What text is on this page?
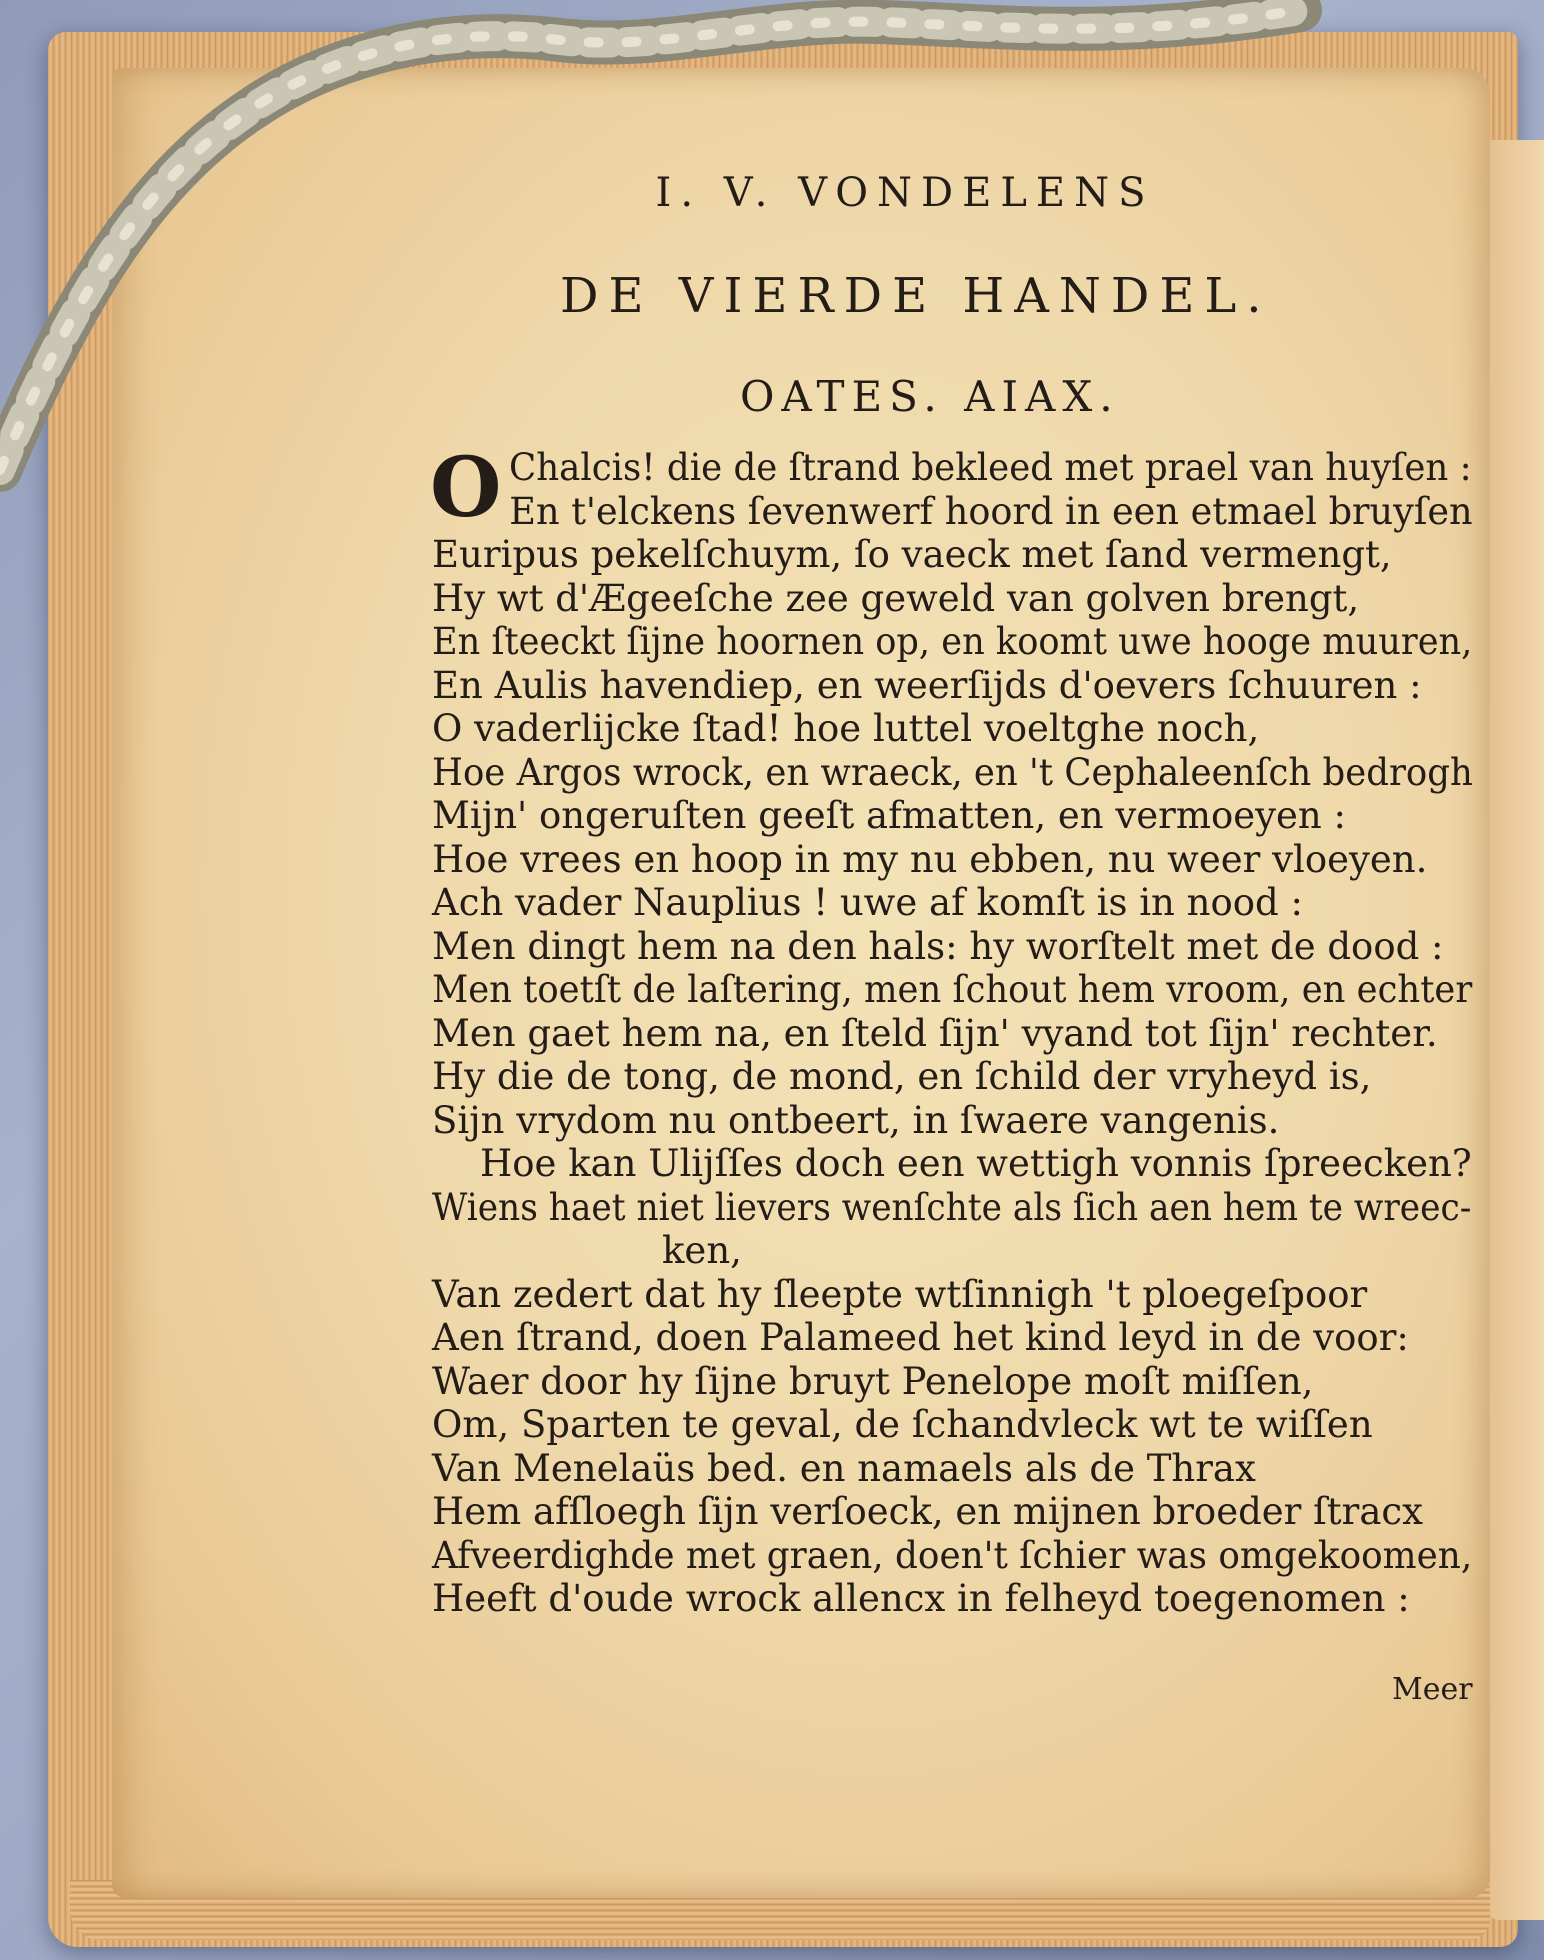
I. V. VONDELENS
DE VIERDE HANDEL.
OATES. AIAX.
O Chalcis! die de ſtrand bekleed met prael van huyſen :
En t'elckens ſevenwerf hoord in een etmael bruyſen
Euripus pekelſchuym, ſo vaeck met ſand vermengt,
Hy wt d'Ægeeſche zee geweld van golven brengt,
En ſteeckt ſijne hoornen op, en koomt uwe hooge muuren,
En Aulis havendiep, en weerſijds d'oevers ſchuuren :
O vaderlijcke ſtad! hoe luttel voeltghe noch,
Hoe Argos wrock, en wraeck, en 't Cephaleenſch bedrogh
Mijn' ongeruſten geeſt afmatten, en vermoeyen :
Hoe vrees en hoop in my nu ebben, nu weer vloeyen.
Ach vader Nauplius ! uwe af komſt is in nood :
Men dingt hem na den hals: hy worſtelt met de dood :
Men toetſt de laſtering, men ſchout hem vroom, en echter
Men gaet hem na, en ſteld ſijn' vyand tot ſijn' rechter.
Hy die de tong, de mond, en ſchild der vryheyd is,
Sijn vrydom nu ontbeert, in ſwaere vangenis.
Hoe kan Ulijſſes doch een wettigh vonnis ſpreecken?
Wiens haet niet lievers wenſchte als ſich aen hem te wreec-
ken,
Van zedert dat hy ſleepte wtſinnigh 't ploegeſpoor
Aen ſtrand, doen Palameed het kind leyd in de voor:
Waer door hy ſijne bruyt Penelope moſt miſſen,
Om, Sparten te geval, de ſchandvleck wt te wiſſen
Van Menelaüs bed. en namaels als de Thrax
Hem afſloegh ſijn verſoeck, en mijnen broeder ſtracx
Afveerdighde met graen, doen't ſchier was omgekoomen,
Heeft d'oude wrock allencx in felheyd toegenomen :
Meer
